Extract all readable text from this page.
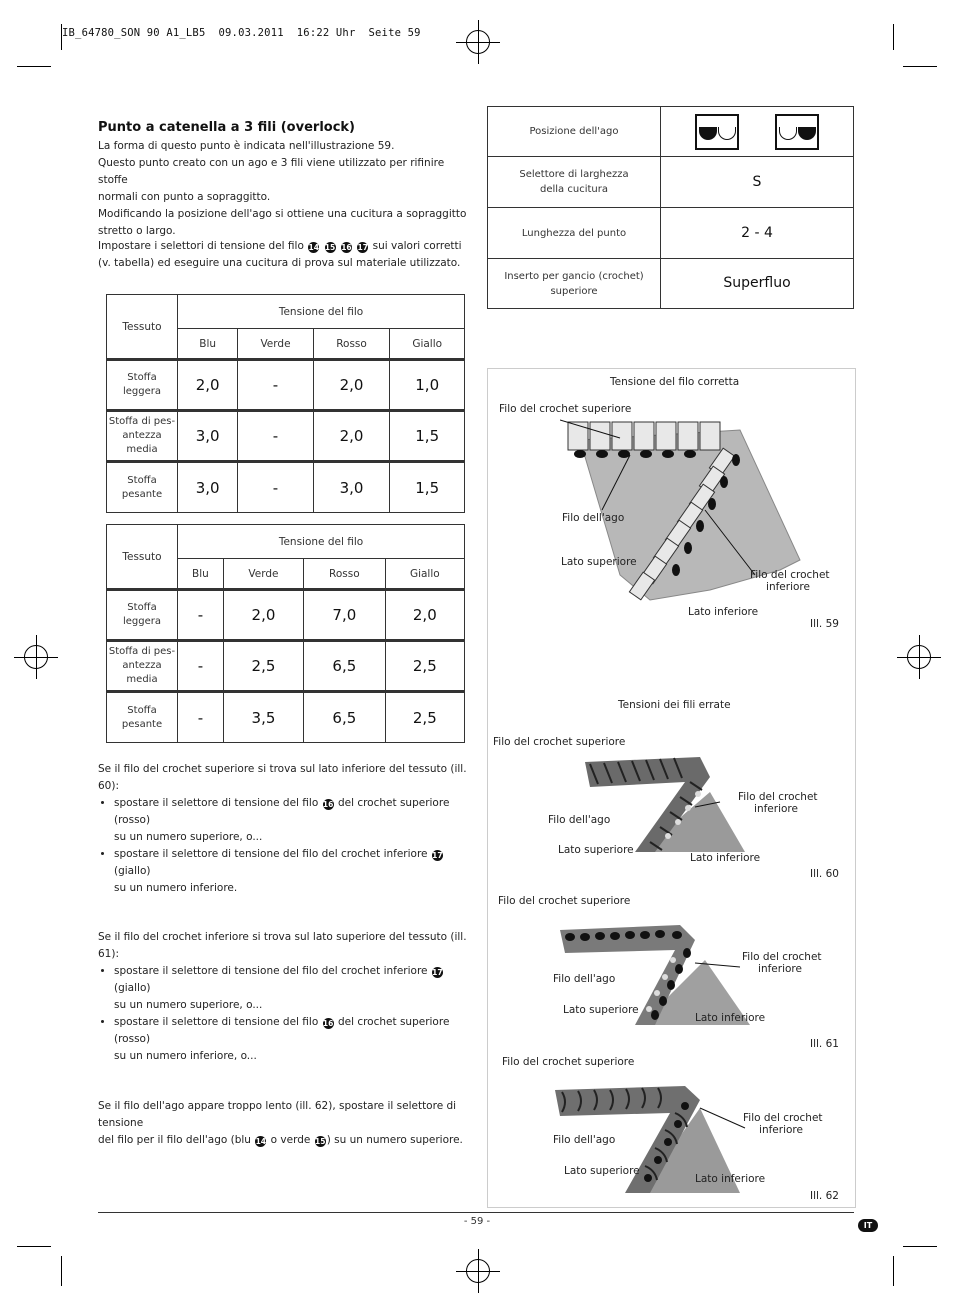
IB_64780_SON 90 A1_LB5  09.03.2011  16:22 Uhr  Seite 59
Punto a catenella a 3 fili (overlock)
La forma di questo punto è indicata nell'illustrazione 59.
Questo punto creato con un ago e 3 fili viene utilizzato per rifinire stoffe
normali con punto a sopraggitto.
Modificando la posizione dell'ago si ottiene una cucitura a sopraggitto
stretto o largo.
Impostare i selettori di tensione del filo 14 15 16 17 sui valori corretti
(v. tabella) ed eseguire una cucitura di prova sul materiale utilizzato.
Tessuto	Tensione del filo			
	Blu	Verde	Rosso	Giallo
Stoffa
leggera	2,0	-	2,0	1,0
Stoffa di pes-
antezza
media	3,0	-	2,0	1,5
Stoffa
pesante	3,0	-	3,0	1,5
Tessuto	Tensione del filo			
	Blu	Verde	Rosso	Giallo
Stoffa
leggera	-	2,0	7,0	2,0
Stoffa di pes-
antezza
media	-	2,5	6,5	2,5
Stoffa
pesante	-	3,5	6,5	2,5
Se il filo del crochet superiore si trova sul lato inferiore del tessuto (ill. 60):
• spostare il selettore di tensione del filo 16 del crochet superiore (rosso)
su un numero superiore, o...
• spostare il selettore di tensione del filo del crochet inferiore 17 (giallo)
su un numero inferiore.
Se il filo del crochet inferiore si trova sul lato superiore del tessuto (ill. 61):
• spostare il selettore di tensione del filo del crochet inferiore 17 (giallo)
su un numero superiore, o...
• spostare il selettore di tensione del filo 16 del crochet superiore (rosso)
su un numero inferiore, o...
Se il filo dell'ago appare troppo lento (ill. 62), spostare il selettore di tensione
del filo per il filo dell'ago (blu 14 o verde 15) su un numero superiore.
Posizione dell'ago	

Selettore di larghezza
della cucitura	S
Lunghezza del punto	2 - 4
Inserto per gancio (crochet)
superiore	Superfluo
Tensione del filo corretta
Filo del crochet superiore
Filo dell'ago
Lato superiore
Filo del crochet
inferiore
Lato inferiore
Ill. 59
Tensioni dei fili errate
Filo del crochet superiore
Filo dell'ago
Lato superiore
Filo del crochet
inferiore
Lato inferiore
Ill. 60
Filo del crochet superiore
Filo dell'ago
Lato superiore
Filo del crochet
inferiore
Lato inferiore
Ill. 61
Filo del crochet superiore
Filo dell'ago
Lato superiore
Filo del crochet
inferiore
Lato inferiore
Ill. 62
- 59 -	IT
